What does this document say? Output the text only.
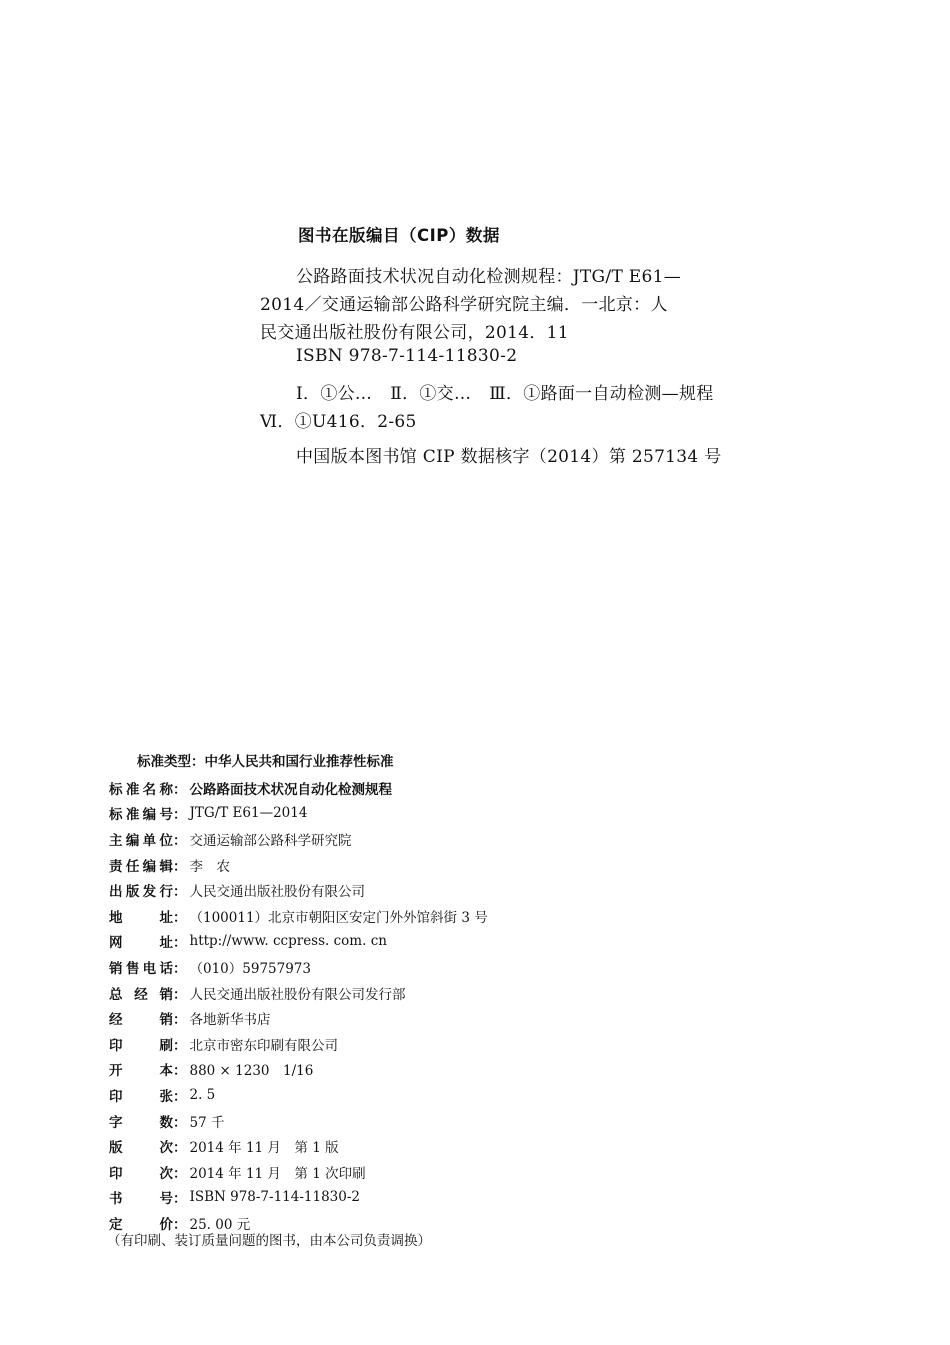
图书在版编目（CIP）数据
公路路面技术状况自动化检测规程：JTG/T E61—
2014／交通运输部公路科学研究院主编．一北京：人
民交通出版社股份有限公司，2014．11
ISBN 978-7-114-11830-2
Ⅰ．①公… Ⅱ．①交… Ⅲ．①路面一自动检测—规程
Ⅵ．①U416．2-65
中国版本图书馆 CIP 数据核字（2014）第 257134 号
标准类型：中华人民共和国行业推荐性标准
标准名称 ： 公路路面技术状况自动化检测规程
标准编号 ： JTG/T E61—2014
主编单位 ： 交通运输部公路科学研究院
责任编辑 ： 李　农
出版发行 ： 人民交通出版社股份有限公司
地　　址 ： （100011）北京市朝阳区安定门外外馆斜街 3 号
网　　址 ： http://www. ccpress. com. cn
销售电话 ： （010）59757973
总 经 销 ： 人民交通出版社股份有限公司发行部
经　　销 ： 各地新华书店
印　　刷 ： 北京市密东印刷有限公司
开　　本 ： 880 × 1230　1/16
印　　张 ： 2. 5
字　　数 ： 57 千
版　　次 ： 2014 年 11 月　第 1 版
印　　次 ： 2014 年 11 月　第 1 次印刷
书　　号 ： ISBN 978-7-114-11830-2
定　　价 ： 25. 00 元
（有印刷、装订质量问题的图书，由本公司负责调换）
